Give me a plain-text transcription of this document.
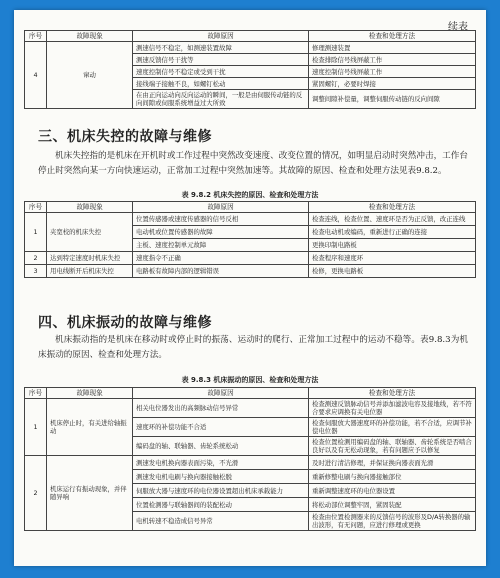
续表
序号	故障现象	故障原因	检查和处理方法
4	窜动	测速信号不稳定，如测速装置故障	修理测速装置
		测速反馈信号干扰等	检查排除信号线屏蔽工作
		速度控制信号不稳定或受到干扰	速度控制信号线屏蔽工作
		接线端子接触不良，如螺钉松动	紧固螺钉，必要时焊接
		在由正向运动向反向运动的瞬间，一般是由伺服传动链的反向间隙或伺服系统增益过大所致	调整间隙补偿量，调整伺服传动链的反向间隙
三、机床失控的故障与维修

机床失控指的是机床在开机时或工作过程中突然改变速度、改变位置的情况，如明显启动时突然冲击，工作台停止时突然向某一方向快速运动，正常加工过程中突然加速等。其故障的原因、检查和处理方法见表9.8.2。

表 9.8.2 机床失控的原因、检查和处理方法

序号	故障现象	故障原因	检查和处理方法
1	夹宽校的机床失控	位置传感器或速度传感器的信号反相	检查连线，检查位置、速度环是否为正反馈，改正连线
		电动机或位置传感器的故障	检查电动机或编码，重新进行正确的连接
		主板、速度控制单元故障	更换印制电路板
2	达到特定速度时机床失控	速度指令不正确	检查程序和速度环
3	用电线断开后机床失控	电路板有故障内部的逻辑错误	检修，更换电路板
四、机床振动的故障与维修

机床振动指的是机床在移动时或停止时的振荡、运动时的爬行、正常加工过程中的运动不稳等。表9.8.3为机床振动的原因、检查和处理方法。

表 9.8.3 机床振动的原因、检查和处理方法

序号	故障现象	故障原因	检查和处理方法
1	机床停止时，有关进给轴振动	相关电位器发出的高频脉动信号异常	检查测速反馈脉动信号并添加滤波电容及接地线，若不符合要求应调换有关电位器
		速度环的补偿功能不合适	检查伺服放大器速度环的补偿功能，若不合适，应调节补偿电位器
		编码盘的轴、联轴器、齿轮系统松动	检查位置检测用编码盘的轴、联轴器、齿轮系统是否啮合良好以及有无松动现象，若有问题应予以修复
2	机床运行有振动现象，并伴随异响	测速发电机换向器表面污染，不光滑	及时进行清洁修理，并保证换向器表面光滑
		测速发电机电刷与换向器接触松脱	重新修整电刷与换向器接触部位
		伺服放大器与速度环的电位器设置超出机床承载能力	重新调整速度环的电位器设置
		位置检测器与联轴器间的装配松动	将松动部位调整牢固，紧固装配
		电机转速不稳造成信号异常	检查由位置检测器来的反馈信号的波形及D/A转换器的输出波形，有无问题，应进行修理或更换
